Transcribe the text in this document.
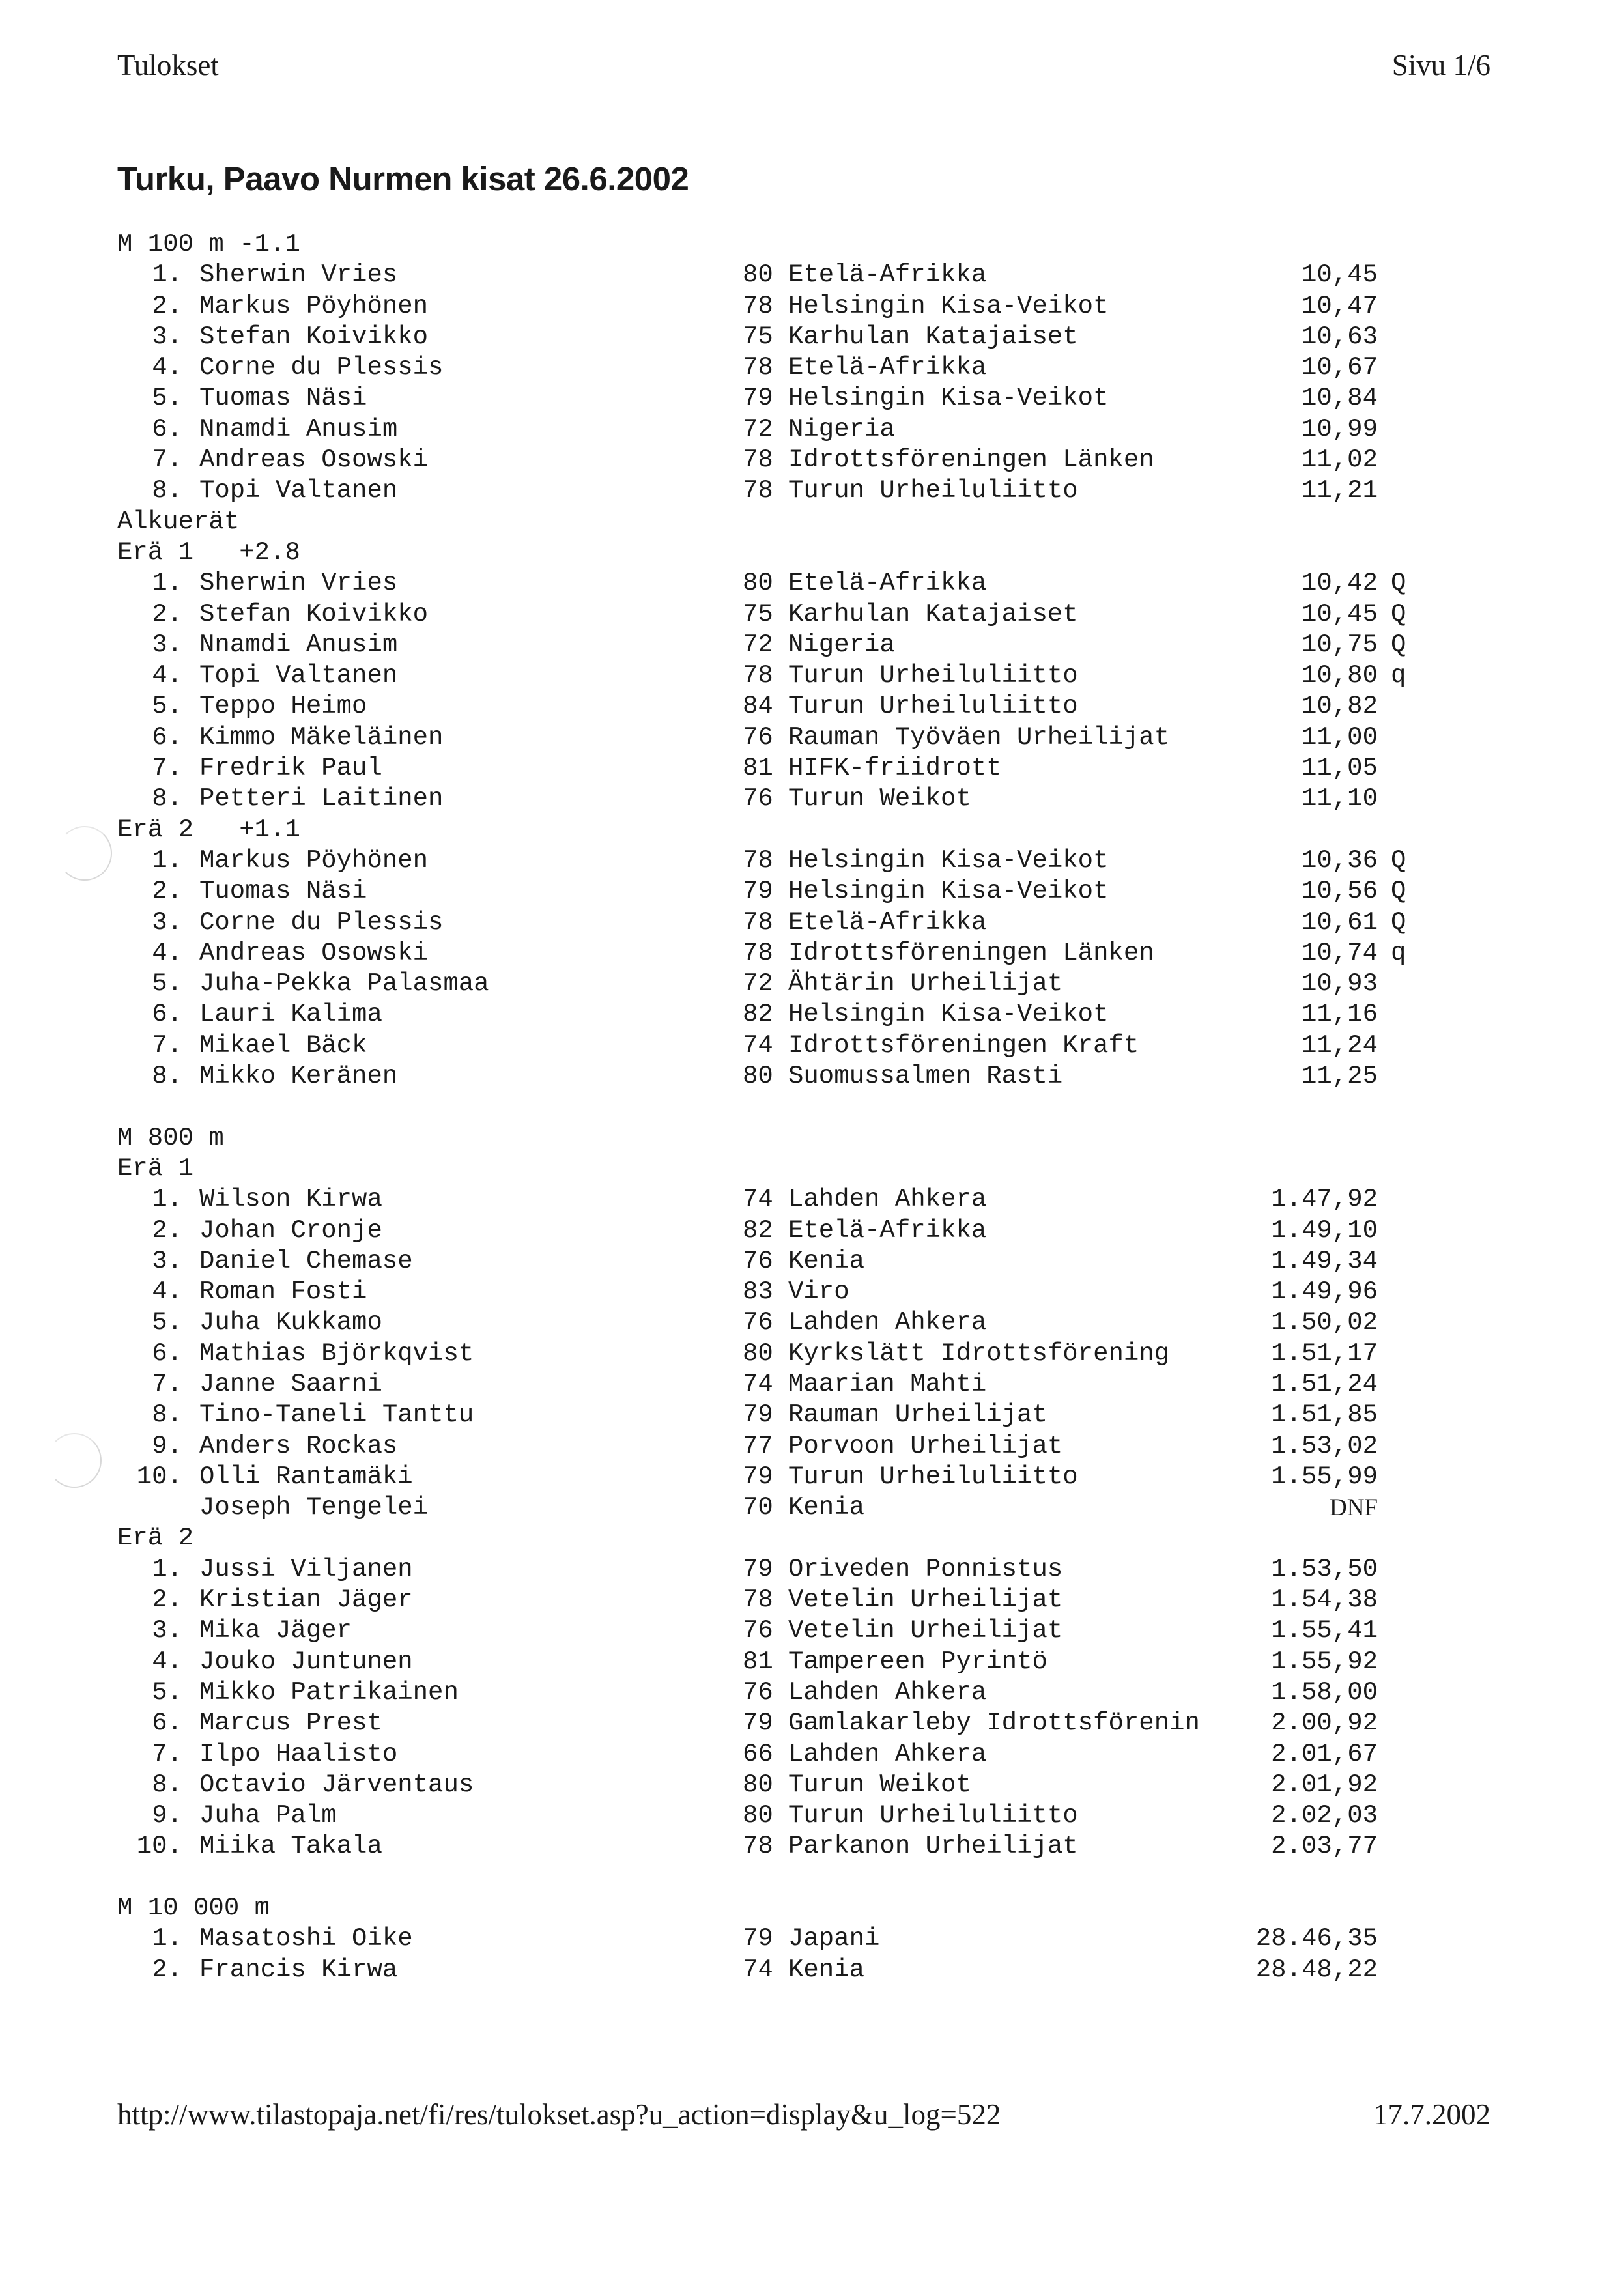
Tulokset	Sivu 1/6
Turku, Paavo Nurmen kisat 26.6.2002
M 100 m -1.1
1. Sherwin Vries	80 Etelä-Afrikka	10,45
2. Markus Pöyhönen	78 Helsingin Kisa-Veikot	10,47
3. Stefan Koivikko	75 Karhulan Katajaiset	10,63
4. Corne du Plessis	78 Etelä-Afrikka	10,67
5. Tuomas Näsi	79 Helsingin Kisa-Veikot	10,84
6. Nnamdi Anusim	72 Nigeria	10,99
7. Andreas Osowski	78 Idrottsföreningen Länken	11,02
8. Topi Valtanen	78 Turun Urheiluliitto	11,21
Alkuerät
Erä 1   +2.8
1. Sherwin Vries	80 Etelä-Afrikka	10,42 Q
2. Stefan Koivikko	75 Karhulan Katajaiset	10,45 Q
3. Nnamdi Anusim	72 Nigeria	10,75 Q
4. Topi Valtanen	78 Turun Urheiluliitto	10,80 q
5. Teppo Heimo	84 Turun Urheiluliitto	10,82
6. Kimmo Mäkeläinen	76 Rauman Työväen Urheilijat	11,00
7. Fredrik Paul	81 HIFK-friidrott	11,05
8. Petteri Laitinen	76 Turun Weikot	11,10
Erä 2   +1.1
1. Markus Pöyhönen	78 Helsingin Kisa-Veikot	10,36 Q
2. Tuomas Näsi	79 Helsingin Kisa-Veikot	10,56 Q
3. Corne du Plessis	78 Etelä-Afrikka	10,61 Q
4. Andreas Osowski	78 Idrottsföreningen Länken	10,74 q
5. Juha-Pekka Palasmaa	72 Ähtärin Urheilijat	10,93
6. Lauri Kalima	82 Helsingin Kisa-Veikot	11,16
7. Mikael Bäck	74 Idrottsföreningen Kraft	11,24
8. Mikko Keränen	80 Suomussalmen Rasti	11,25
M 800 m
Erä 1
1. Wilson Kirwa	74 Lahden Ahkera	1.47,92
2. Johan Cronje	82 Etelä-Afrikka	1.49,10
3. Daniel Chemase	76 Kenia	1.49,34
4. Roman Fosti	83 Viro	1.49,96
5. Juha Kukkamo	76 Lahden Ahkera	1.50,02
6. Mathias Björkqvist	80 Kyrkslätt Idrottsförening	1.51,17
7. Janne Saarni	74 Maarian Mahti	1.51,24
8. Tino-Taneli Tanttu	79 Rauman Urheilijat	1.51,85
9. Anders Rockas	77 Porvoon Urheilijat	1.53,02
10. Olli Rantamäki	79 Turun Urheiluliitto	1.55,99
Joseph Tengelei	70 Kenia	DNF
Erä 2
1. Jussi Viljanen	79 Oriveden Ponnistus	1.53,50
2. Kristian Jäger	78 Vetelin Urheilijat	1.54,38
3. Mika Jäger	76 Vetelin Urheilijat	1.55,41
4. Jouko Juntunen	81 Tampereen Pyrintö	1.55,92
5. Mikko Patrikainen	76 Lahden Ahkera	1.58,00
6. Marcus Prest	79 Gamlakarleby Idrottsförenin	2.00,92
7. Ilpo Haalisto	66 Lahden Ahkera	2.01,67
8. Octavio Järventaus	80 Turun Weikot	2.01,92
9. Juha Palm	80 Turun Urheiluliitto	2.02,03
10. Miika Takala	78 Parkanon Urheilijat	2.03,77
M 10 000 m
1. Masatoshi Oike	79 Japani	28.46,35
2. Francis Kirwa	74 Kenia	28.48,22
http://www.tilastopaja.net/fi/res/tulokset.asp?u_action=display&u_log=522	17.7.2002
